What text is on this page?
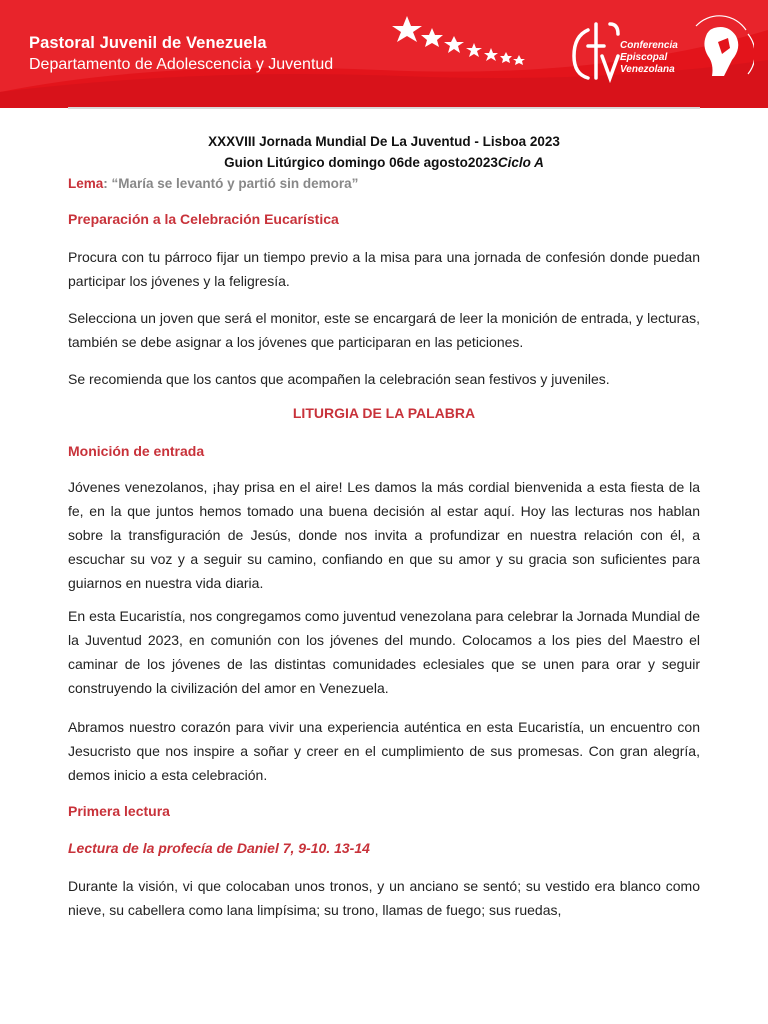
Pastoral Juvenil de Venezuela
Departamento de Adolescencia y Juventud
Conferencia
Episcopal
Venezolana
XXXVIII Jornada Mundial De La Juventud - Lisboa 2023
Guion Litúrgico domingo 06de agosto2023Ciclo A
Lema: “María se levantó y partió sin demora”
Preparación a la Celebración Eucarística
Procura con tu párroco fijar un tiempo previo a la misa para una jornada de confesión donde puedan participar los jóvenes y la feligresía.
Selecciona un joven que será el monitor, este se encargará de leer la monición de entrada, y lecturas, también se debe asignar a los jóvenes que participaran en las peticiones.
Se recomienda que los cantos que acompañen la celebración sean festivos y juveniles.
LITURGIA DE LA PALABRA
Monición de entrada
Jóvenes venezolanos, ¡hay prisa en el aire! Les damos la más cordial bienvenida a esta fiesta de la fe, en la que juntos hemos tomado una buena decisión al estar aquí. Hoy las lecturas nos hablan sobre la transfiguración de Jesús, donde nos invita a profundizar en nuestra relación con él, a escuchar su voz y a seguir su camino, confiando en que su amor y su gracia son suficientes para guiarnos en nuestra vida diaria.
En esta Eucaristía, nos congregamos como juventud venezolana para celebrar la Jornada Mundial de la Juventud 2023, en comunión con los jóvenes del mundo. Colocamos a los pies del Maestro el caminar de los jóvenes de las distintas comunidades eclesiales que se unen para orar y seguir construyendo la civilización del amor en Venezuela.
Abramos nuestro corazón para vivir una experiencia auténtica en esta Eucaristía, un encuentro con Jesucristo que nos inspire a soñar y creer en el cumplimiento de sus promesas. Con gran alegría, demos inicio a esta celebración.
Primera lectura
Lectura de la profecía de Daniel 7, 9-10. 13-14
Durante la visión, vi que colocaban unos tronos, y un anciano se sentó; su vestido era blanco como nieve, su cabellera como lana limpísima; su trono, llamas de fuego; sus ruedas,
